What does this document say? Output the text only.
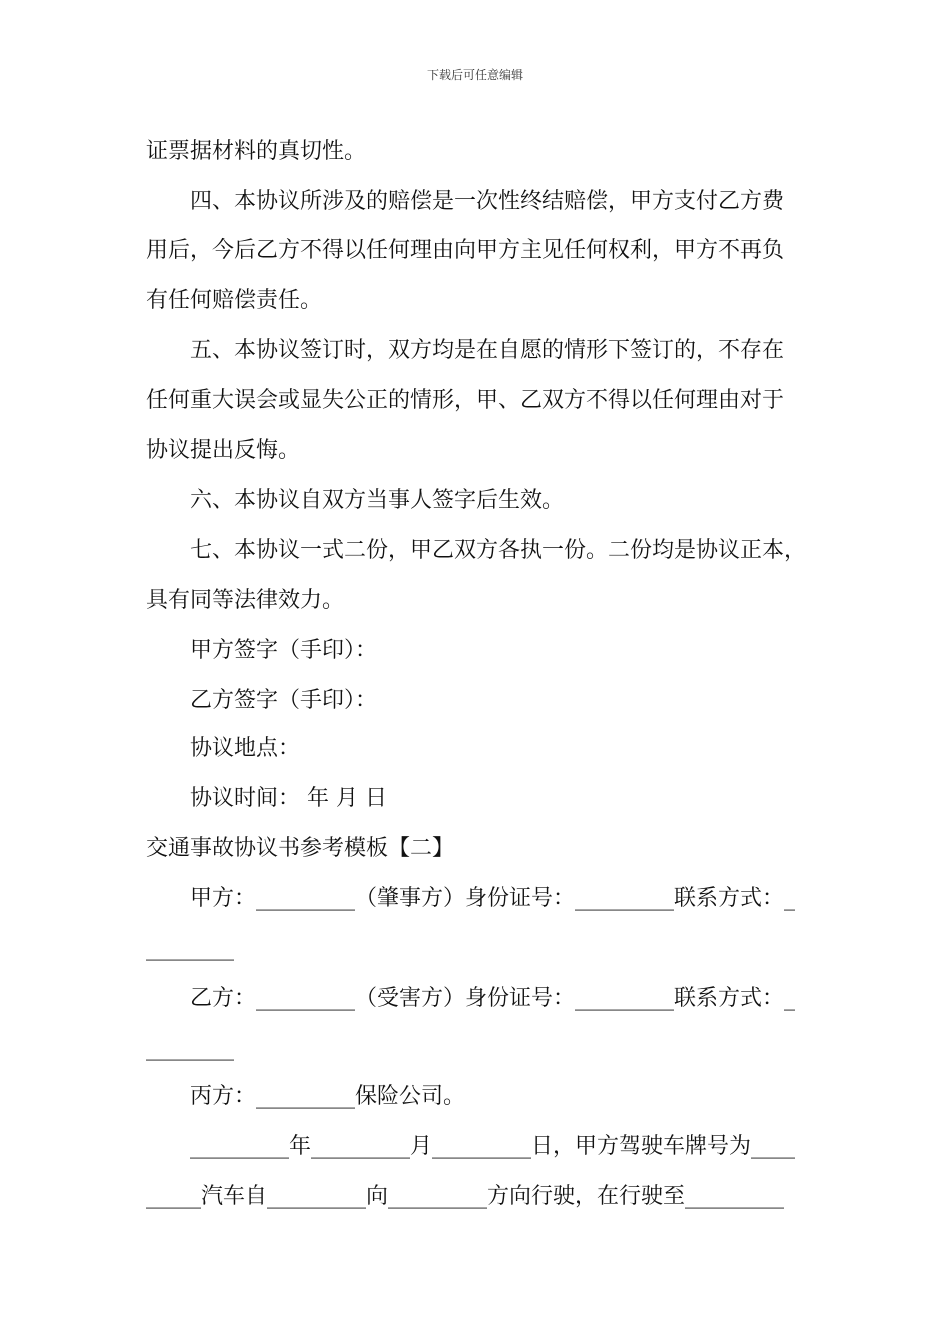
下载后可任意编辑
证票据材料的真切性。
四、本协议所涉及的赔偿是一次性终结赔偿，甲方支付乙方费
用后，今后乙方不得以任何理由向甲方主见任何权利，甲方不再负
有任何赔偿责任。
五、本协议签订时，双方均是在自愿的情形下签订的，不存在
任何重大误会或显失公正的情形，甲、乙双方不得以任何理由对于
协议提出反悔。
六、本协议自双方当事人签字后生效。
七、本协议一式二份，甲乙双方各执一份。二份均是协议正本，
具有同等法律效力。
甲方签字（手印）：
乙方签字（手印）：
协议地点：
协议时间： 年 月 日
交通事故协议书参考模板【二】
甲方：_________（肇事方）身份证号：_________联系方式：_
________
乙方：_________（受害方）身份证号：_________联系方式：_
________
丙方：_________保险公司。
_________年_________月_________日，甲方驾驶车牌号为____
_____汽车自_________向_________方向行驶，在行驶至_________
